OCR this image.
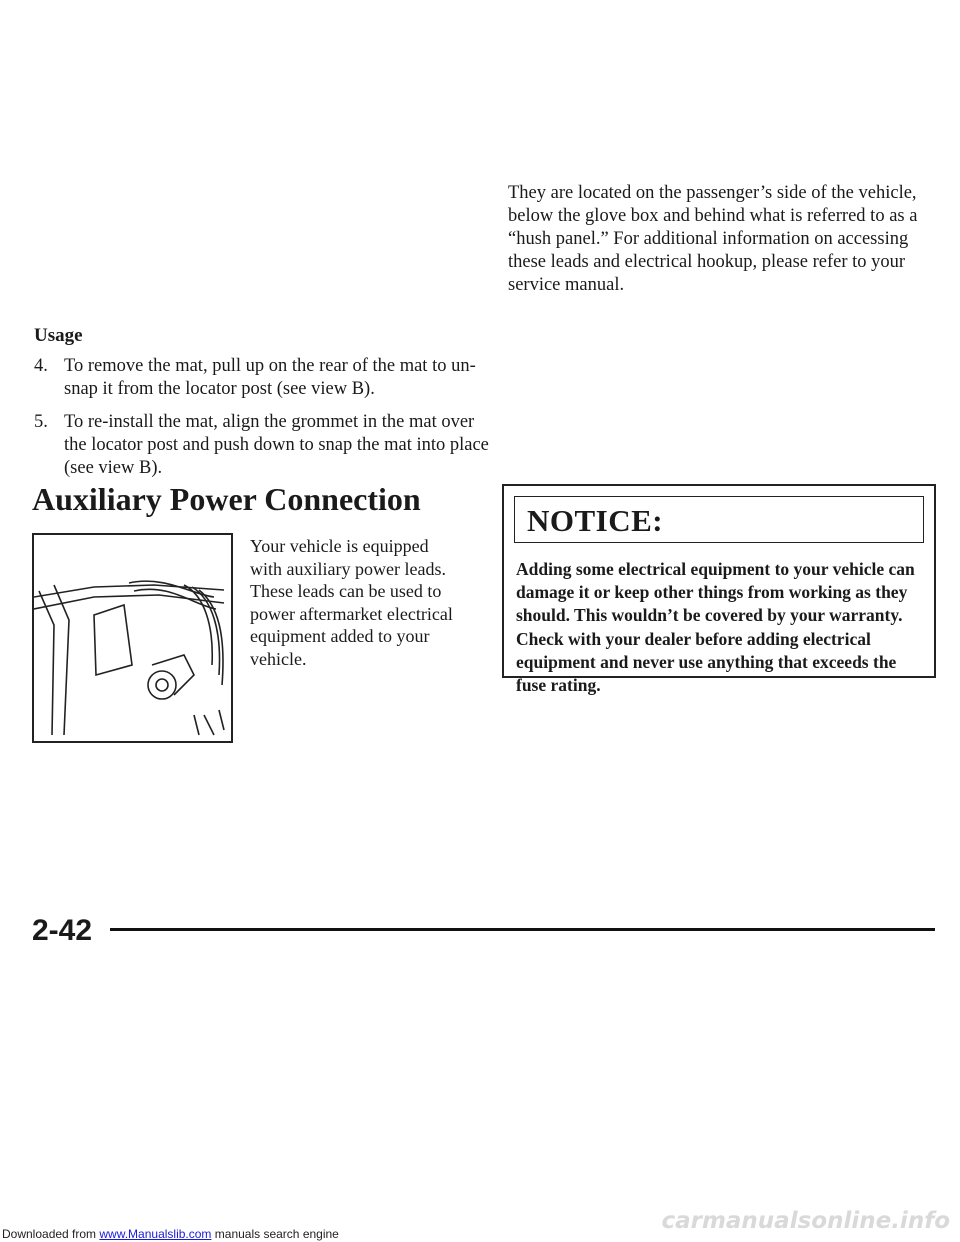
Usage
4. To remove the mat, pull up on the rear of the mat to un-snap it from the locator post (see view B).
5. To re-install the mat, align the grommet in the mat over the locator post and push down to snap the mat into place (see view B).
Auxiliary Power Connection
Your vehicle is equipped with auxiliary power leads. These leads can be used to power aftermarket electrical equipment added to your vehicle.
They are located on the passenger’s side of the vehicle, below the glove box and behind what is referred to as a “hush panel.” For additional information on accessing these leads and electrical hookup, please refer to your service manual.
NOTICE:
Adding some electrical equipment to your vehicle can damage it or keep other things from working as they should. This wouldn’t be covered by your warranty. Check with your dealer before adding electrical equipment and never use anything that exceeds the fuse rating.
2-42
Downloaded from www.Manualslib.com manuals search engine	carmanualsonline.info
